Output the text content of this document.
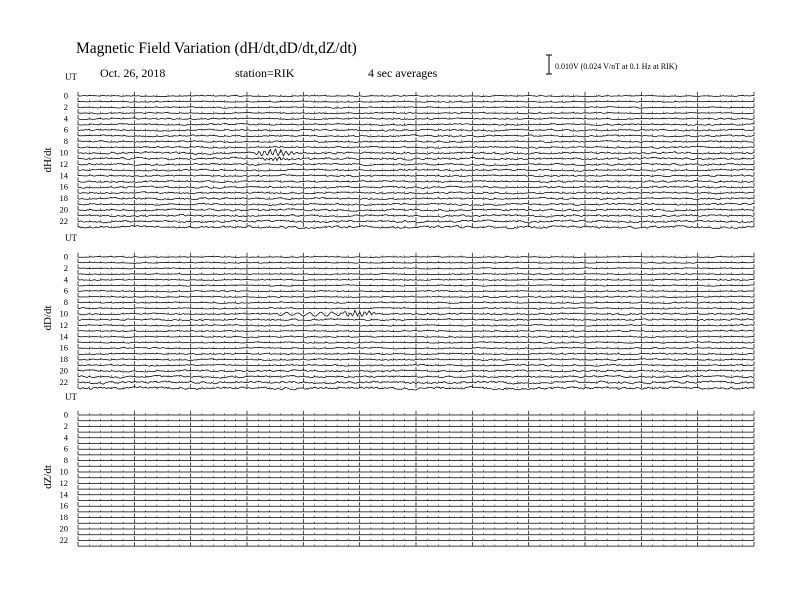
Magnetic Field Variation (dH/dt,dD/dt,dZ/dt)
Oct. 26, 2018	station=RIK	4 sec averages	0.010V (0.024 V/nT at 0.1 Hz at RIK)
UT
dH/dt
0
2
4
6
8
10
12
14
16
18
20
22
UT
dD/dt
0
2
4
6
8
10
12
14
16
18
20
22
UT
dZ/dt
0
2
4
6
8
10
12
14
16
18
20
22
